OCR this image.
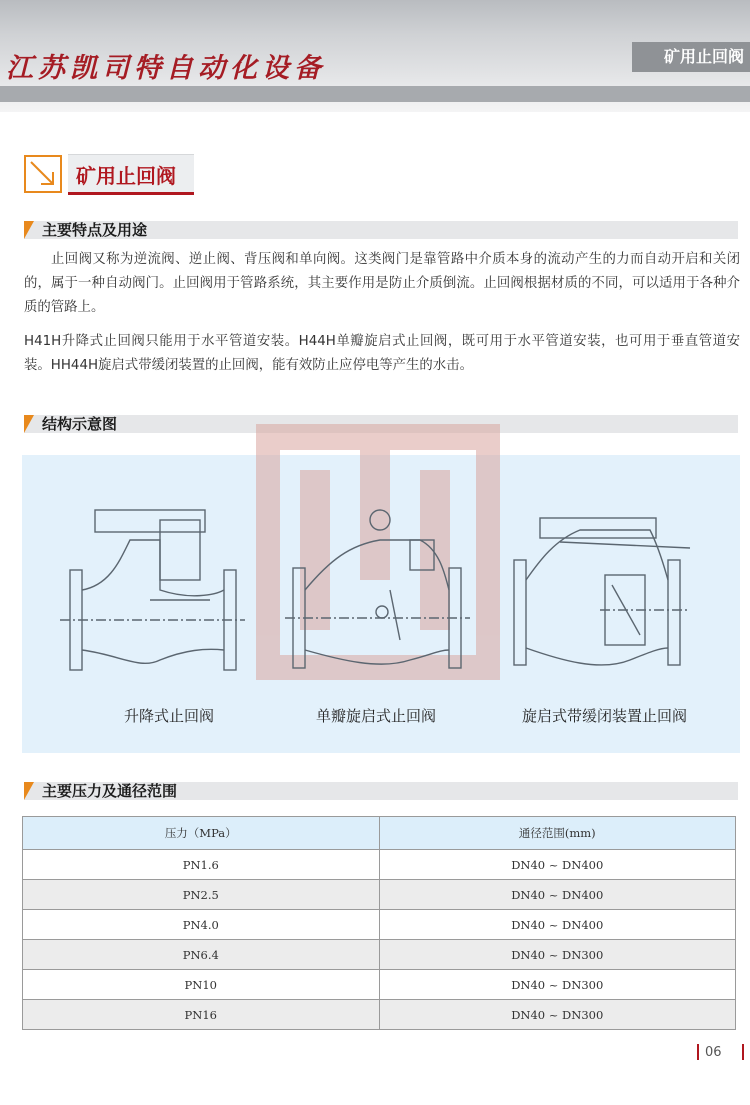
江苏凯司特自动化设备	矿用止回阀
矿用止回阀
主要特点及用途
止回阀又称为逆流阀、逆止阀、背压阀和单向阀。这类阀门是靠管路中介质本身的流动产生的力而自动开启和关闭的，属于一种自动阀门。止回阀用于管路系统，其主要作用是防止介质倒流。止回阀根据材质的不同，可以适用于各种介质的管路上。
H41H升降式止回阀只能用于水平管道安装。H44H单瓣旋启式止回阀，既可用于水平管道安装，也可用于垂直管道安装。HH44H旋启式带缓闭装置的止回阀，能有效防止应停电等产生的水击。
结构示意图
升降式止回阀	单瓣旋启式止回阀	旋启式带缓闭装置止回阀
主要压力及通径范围
压力（MPa）	通径范围(mm)
PN1.6	DN40 ~ DN400
PN2.5	DN40 ~ DN400
PN4.0	DN40 ~ DN400
PN6.4	DN40 ~ DN300
PN10	DN40 ~ DN300
PN16	DN40 ~ DN300
06
